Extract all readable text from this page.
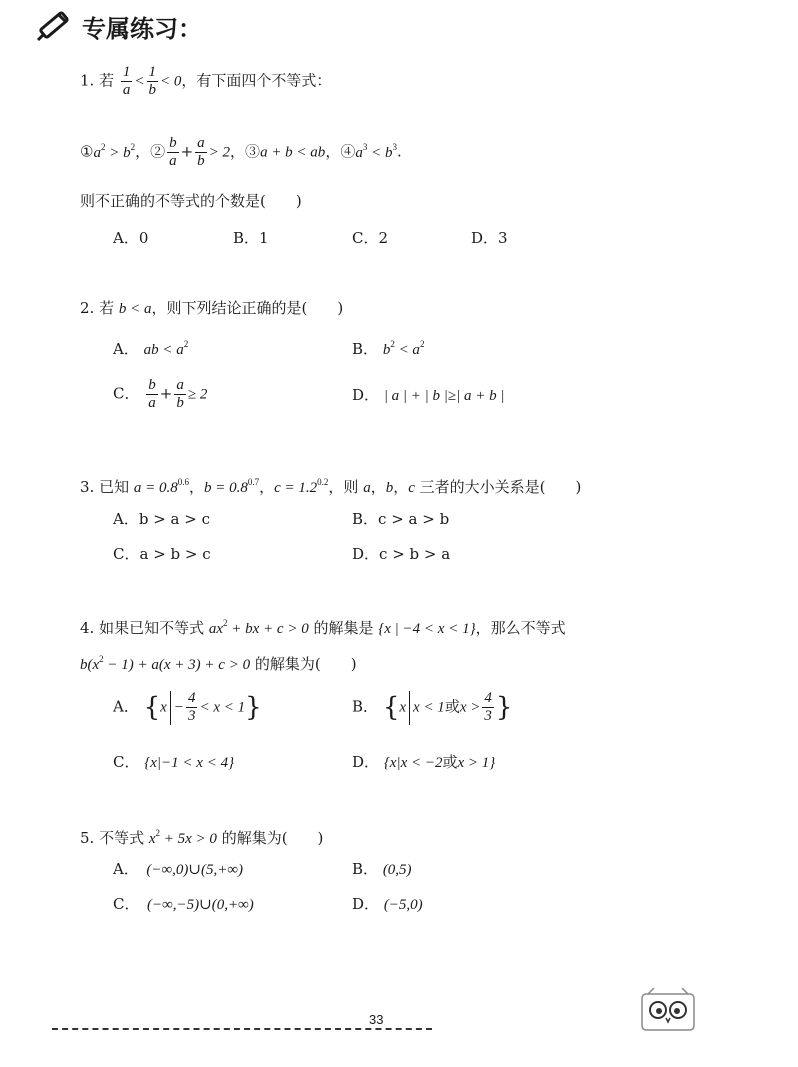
专属练习：
1. 若 $\frac{1}{a} < \frac{1}{b} < 0$，有下面四个不等式：
$①a^2 > b^2$，② $\frac{b}{a} + \frac{a}{b} > 2$，③a + b < ab，$④a^3 < b^3$.
则不正确的不等式的个数是(　　)
A．0	B．1	C．2	D．3
2. 若 b < a，则下列结论正确的是(　　)
A． ab < $a^2$	B． $b^2 < a^2$
C． $\frac{b}{a} + \frac{a}{b} \ge 2$	D． | a | + | b |≥| a + b |
3. 已知 $a = 0.8^{0.6}$，$b = 0.8^{0.7}$，$c = 1.2^{0.2}$，则 a，b，c 三者的大小关系是(　　)
A．b > a > c	B．c > a > b
C．a > b > c	D．c > b > a
4. 如果已知不等式 $ax^2$ + bx + c > 0 的解集是 {x | −4 < x < 1}，那么不等式
$b(x^2 - 1) + a(x + 3) + c > 0$ 的解集为(　　)
A． $\{x - \frac{4}{3} < x < 1\}$	B． {x x < 1或$x > \frac{4}{3}$ }
C． {x|−1 < x < 4}	D． {x|x < −2或x > 1}
5. 不等式 $x^2 + 5x > 0$ 的解集为(　　)
A．　 (−∞,0)∪(5,+∞)	B． (0,5)
C．　 (−∞,−5)∪(0,+∞)	D． (−5,0)
33
